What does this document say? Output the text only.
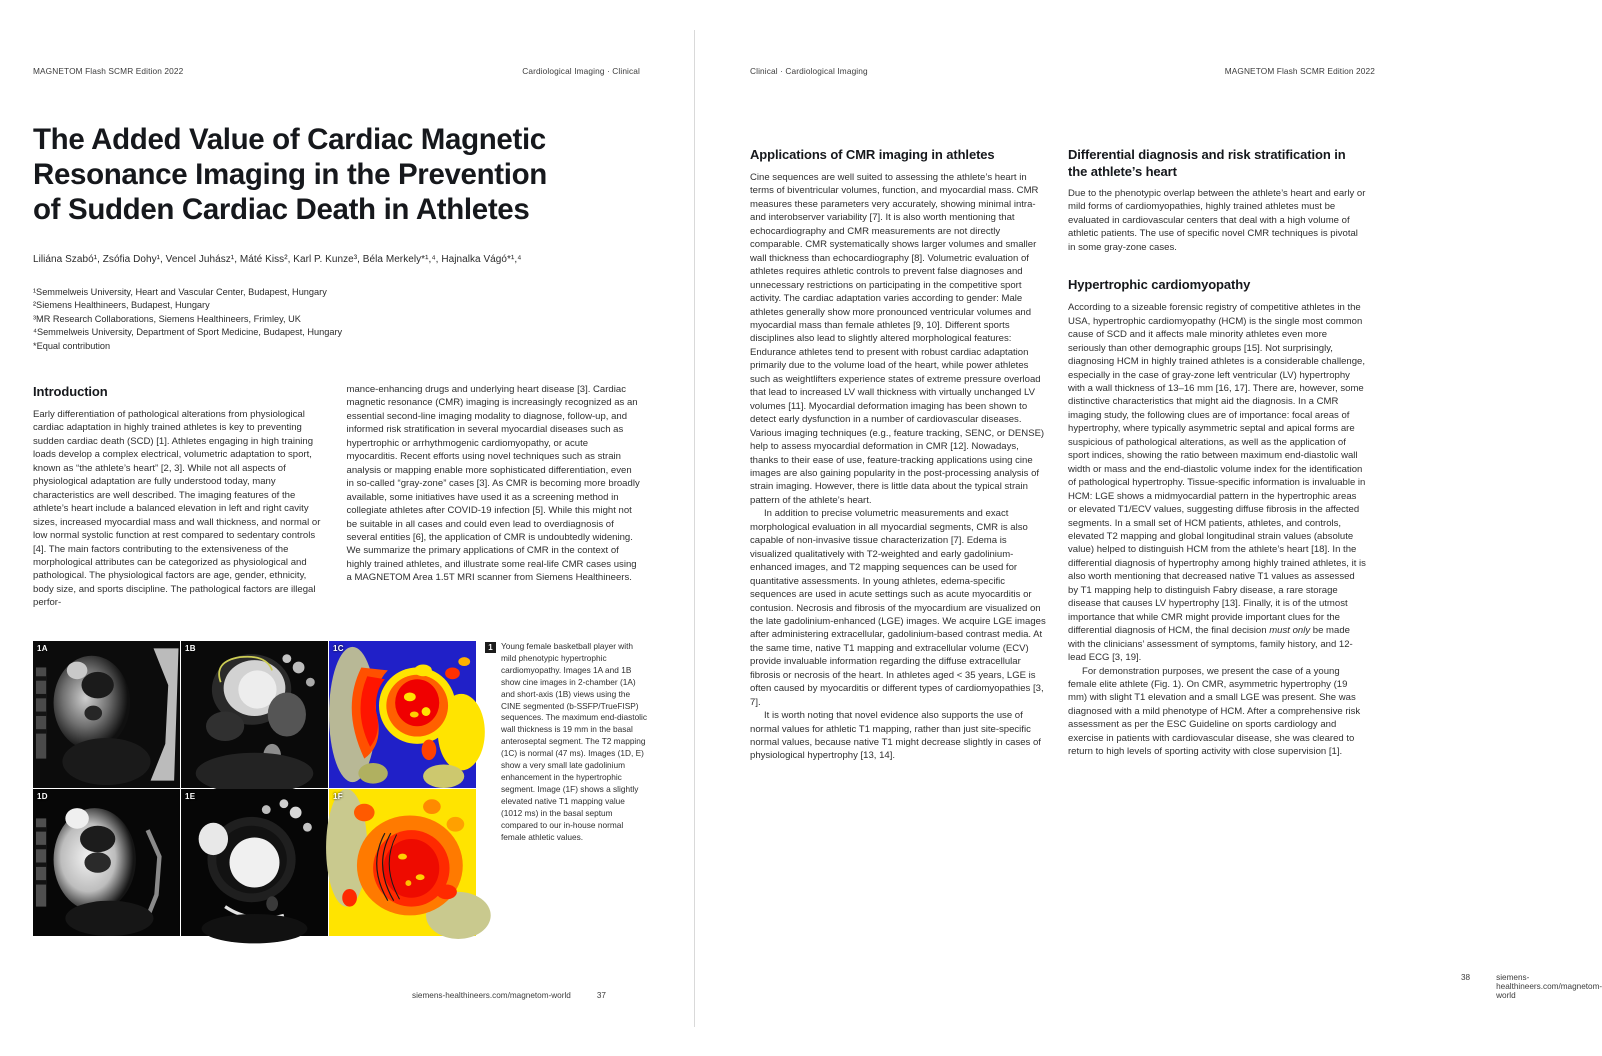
MAGNETOM Flash SCMR Edition 2022	Cardiological Imaging · Clinical
The Added Value of Cardiac Magnetic Resonance Imaging in the Prevention of Sudden Cardiac Death in Athletes
Liliána Szabó¹, Zsófia Dohy¹, Vencel Juhász¹, Máté Kiss², Karl P. Kunze³, Béla Merkely*¹,⁴, Hajnalka Vágó*¹,⁴
¹Semmelweis University, Heart and Vascular Center, Budapest, Hungary
²Siemens Healthineers, Budapest, Hungary
³MR Research Collaborations, Siemens Healthineers, Frimley, UK
⁴Semmelweis University, Department of Sport Medicine, Budapest, Hungary
*Equal contribution
Introduction

Early differentiation of pathological alterations from physiological cardiac adaptation in highly trained athletes is key to preventing sudden cardiac death (SCD) [1]. Athletes engaging in high training loads develop a complex electrical, volumetric adaptation to sport, known as “the athlete’s heart” [2, 3]. While not all aspects of physiological adaptation are fully understood today, many characteristics are well described. The imaging features of the athlete’s heart include a balanced elevation in left and right cavity sizes, increased myocardial mass and wall thickness, and normal or low normal systolic function at rest compared to sedentary controls [4]. The main factors contributing to the extensiveness of the morphological attributes can be categorized as physiological and pathological. The physiological factors are age, gender, ethnicity, body size, and sports discipline. The pathological factors are illegal perfor-

mance-enhancing drugs and underlying heart disease [3]. Cardiac magnetic resonance (CMR) imaging is increasingly recognized as an essential second-line imaging modality to diagnose, follow-up, and informed risk stratification in several myocardial diseases such as hypertrophic or arrhythmogenic cardiomyopathy, or acute myocarditis. Recent efforts using novel techniques such as strain analysis or mapping enable more sophisticated differentiation, even in so-called “gray-zone” cases [3]. As CMR is becoming more broadly available, some initiatives have used it as a screening method in collegiate athletes after COVID-19 infection [5]. While this might not be suitable in all cases and could even lead to overdiagnosis of several entities [6], the application of CMR is undoubtedly widening. We summarize the primary applications of CMR in the context of highly trained athletes, and illustrate some real-life CMR cases using a MAGNETOM Area 1.5T MRI scanner from Siemens Healthineers.

1A	1B	1C
1D	1E	1F
1 Young female basketball player with mild phenotypic hypertrophic cardiomyopathy. Images 1A and 1B show cine images in 2-chamber (1A) and short-axis (1B) views using the CINE segmented (b-SSFP/TrueFISP) sequences. The maximum end-diastolic wall thickness is 19 mm in the basal anteroseptal segment. The T2 mapping (1C) is normal (47 ms). Images (1D, E) show a very small late gadolinium enhancement in the hypertrophic segment. Image (1F) shows a slightly elevated native T1 mapping value (1012 ms) in the basal septum compared to our in-house normal female athletic values.
siemens-healthineers.com/magnetom-world	37
Clinical · Cardiological Imaging	MAGNETOM Flash SCMR Edition 2022
Applications of CMR imaging in athletes

Cine sequences are well suited to assessing the athlete’s heart in terms of biventricular volumes, function, and myocardial mass. CMR measures these parameters very accurately, showing minimal intra- and interobserver variability [7]. It is also worth mentioning that echocardiography and CMR measurements are not directly comparable. CMR systematically shows larger volumes and smaller wall thickness than echocardiography [8]. Volumetric evaluation of athletes requires athletic controls to prevent false diagnoses and unnecessary restrictions on participating in the competitive sport activity. The cardiac adaptation varies according to gender: Male athletes generally show more pronounced ventricular volumes and myocardial mass than female athletes [9, 10]. Different sports disciplines also lead to slightly altered morphological features: Endurance athletes tend to present with robust cardiac adaptation primarily due to the volume load of the heart, while power athletes such as weightlifters experience states of extreme pressure overload that lead to increased LV wall thickness with virtually unchanged LV volumes [11]. Myocardial deformation imaging has been shown to detect early dysfunction in a number of cardiovascular diseases. Various imaging techniques (e.g., feature tracking, SENC, or DENSE) help to assess myocardial deformation in CMR [12]. Nowadays, thanks to their ease of use, feature-tracking applications using cine images are also gaining popularity in the post-processing analysis of strain imaging. However, there is little data about the typical strain pattern of the athlete’s heart.

In addition to precise volumetric measurements and exact morphological evaluation in all myocardial segments, CMR is also capable of non-invasive tissue characterization [7]. Edema is visualized qualitatively with T2-weighted and early gadolinium-enhanced images, and T2 mapping sequences can be used for quantitative assessments. In young athletes, edema-specific sequences are used in acute settings such as acute myocarditis or contusion. Necrosis and fibrosis of the myocardium are visualized on the late gadolinium-enhanced (LGE) images. We acquire LGE images after administering extracellular, gadolinium-based contrast media. At the same time, native T1 mapping and extracellular volume (ECV) provide invaluable information regarding the diffuse extracellular fibrosis or necrosis of the heart. In athletes aged < 35 years, LGE is often caused by myocarditis or different types of cardiomyopathies [3, 7].

It is worth noting that novel evidence also supports the use of normal values for athletic T1 mapping, rather than just site-specific normal values, because native T1 might decrease slightly in cases of physiological hypertrophy [13, 14].

Differential diagnosis and risk stratification in the athlete’s heart

Due to the phenotypic overlap between the athlete’s heart and early or mild forms of cardiomyopathies, highly trained athletes must be evaluated in cardiovascular centers that deal with a high volume of athletic patients. The use of specific novel CMR techniques is pivotal in some gray-zone cases.

Hypertrophic cardiomyopathy

According to a sizeable forensic registry of competitive athletes in the USA, hypertrophic cardiomyopathy (HCM) is the single most common cause of SCD and it affects male minority athletes even more seriously than other demographic groups [15]. Not surprisingly, diagnosing HCM in highly trained athletes is a considerable challenge, especially in the case of gray-zone left ventricular (LV) hypertrophy with a wall thickness of 13–16 mm [16, 17]. There are, however, some distinctive characteristics that might aid the diagnosis. In a CMR imaging study, the following clues are of importance: focal areas of hypertrophy, where typically asymmetric septal and apical forms are suspicious of pathological alterations, as well as the application of sport indices, showing the ratio between maximum end-diastolic wall width or mass and the end-diastolic volume index for the identification of pathological hypertrophy. Tissue-specific information is invaluable in HCM: LGE shows a midmyocardial pattern in the hypertrophic areas or elevated T1/ECV values, suggesting diffuse fibrosis in the affected segments. In a small set of HCM patients, athletes, and controls, elevated T2 mapping and global longitudinal strain values (absolute value) helped to distinguish HCM from the athlete’s heart [18]. In the differential diagnosis of hypertrophy among highly trained athletes, it is also worth mentioning that decreased native T1 values as assessed by T1 mapping help to distinguish Fabry disease, a rare storage disease that causes LV hypertrophy [13]. Finally, it is of the utmost importance that while CMR might provide important clues for the differential diagnosis of HCM, the final decision must only be made with the clinicians’ assessment of symptoms, family history, and 12-lead ECG [3, 19].

For demonstration purposes, we present the case of a young female elite athlete (Fig. 1). On CMR, asymmetric hypertrophy (19 mm) with slight T1 elevation and a small LGE was present. She was diagnosed with a mild phenotype of HCM. After a comprehensive risk assessment as per the ESC Guideline on sports cardiology and exercise in patients with cardiovascular disease, she was cleared to return to high levels of sporting activity with close supervision [1].

38	siemens-healthineers.com/magnetom-world
